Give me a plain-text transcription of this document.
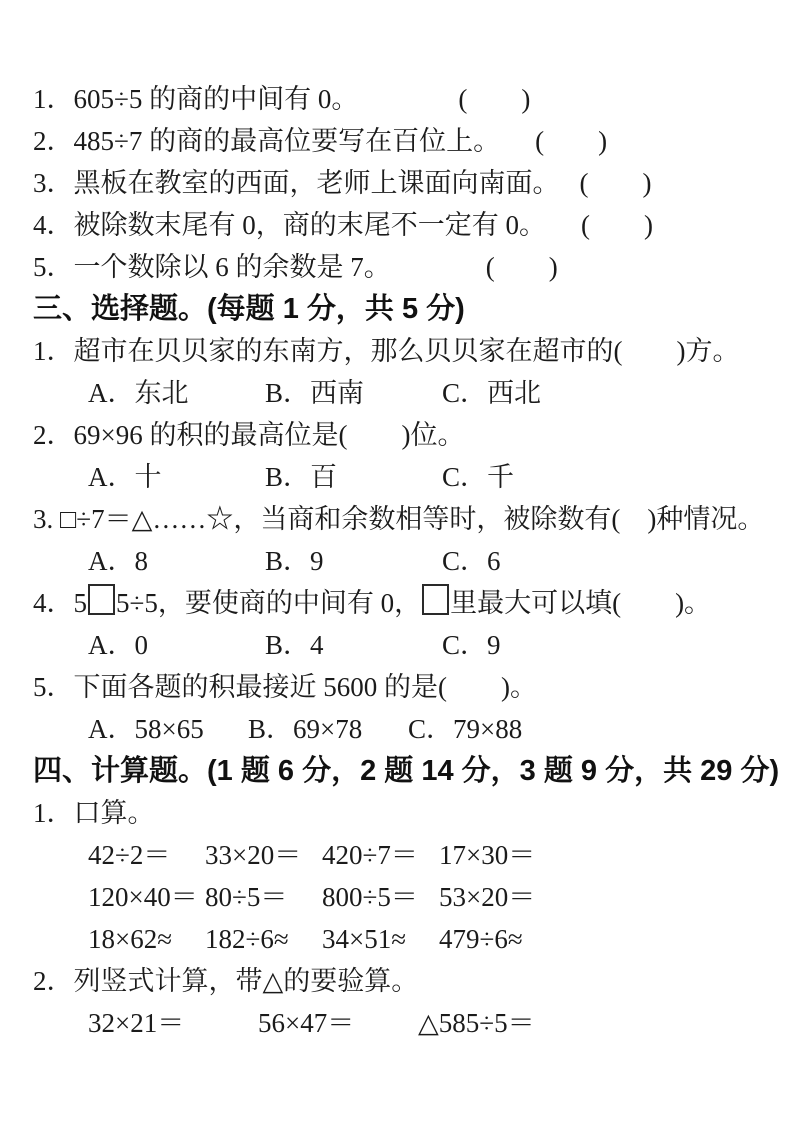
1．605÷5 的商的中间有 0。	(　　)
2．485÷7 的商的最高位要写在百位上。 (　　)
3．黑板在教室的西面，老师上课面向南面。 (　　)
4．被除数末尾有 0，商的末尾不一定有 0。 (　　)
5．一个数除以 6 的余数是 7。	(　　)
三、选择题。(每题 1 分，共 5 分)
1．超市在贝贝家的东南方，那么贝贝家在超市的(　　)方。
A．东北	B．西南	C．西北
2．69×96 的积的最高位是(　　)位。
A．十	B．百	C．千
3. □÷7＝△……☆，当商和余数相等时，被除数有(　)种情况。
A．8	B．9	C．6
4．5 5÷5，要使商的中间有 0， 里最大可以填(　　)。
A．0	B．4	C．9
5．下面各题的积最接近 5600 的是(　　)。
A．58×65 B．69×78 C．79×88
四、计算题。(1 题 6 分，2 题 14 分，3 题 9 分，共 29 分)
1．口算。
42÷2＝ 33×20＝ 420÷7＝ 17×30＝
120×40＝ 80÷5＝ 800÷5＝ 53×20＝
18×62≈ 182÷6≈ 34×51≈ 479÷6≈
2．列竖式计算，带△的要验算。
32×21＝	56×47＝ △585÷5＝
